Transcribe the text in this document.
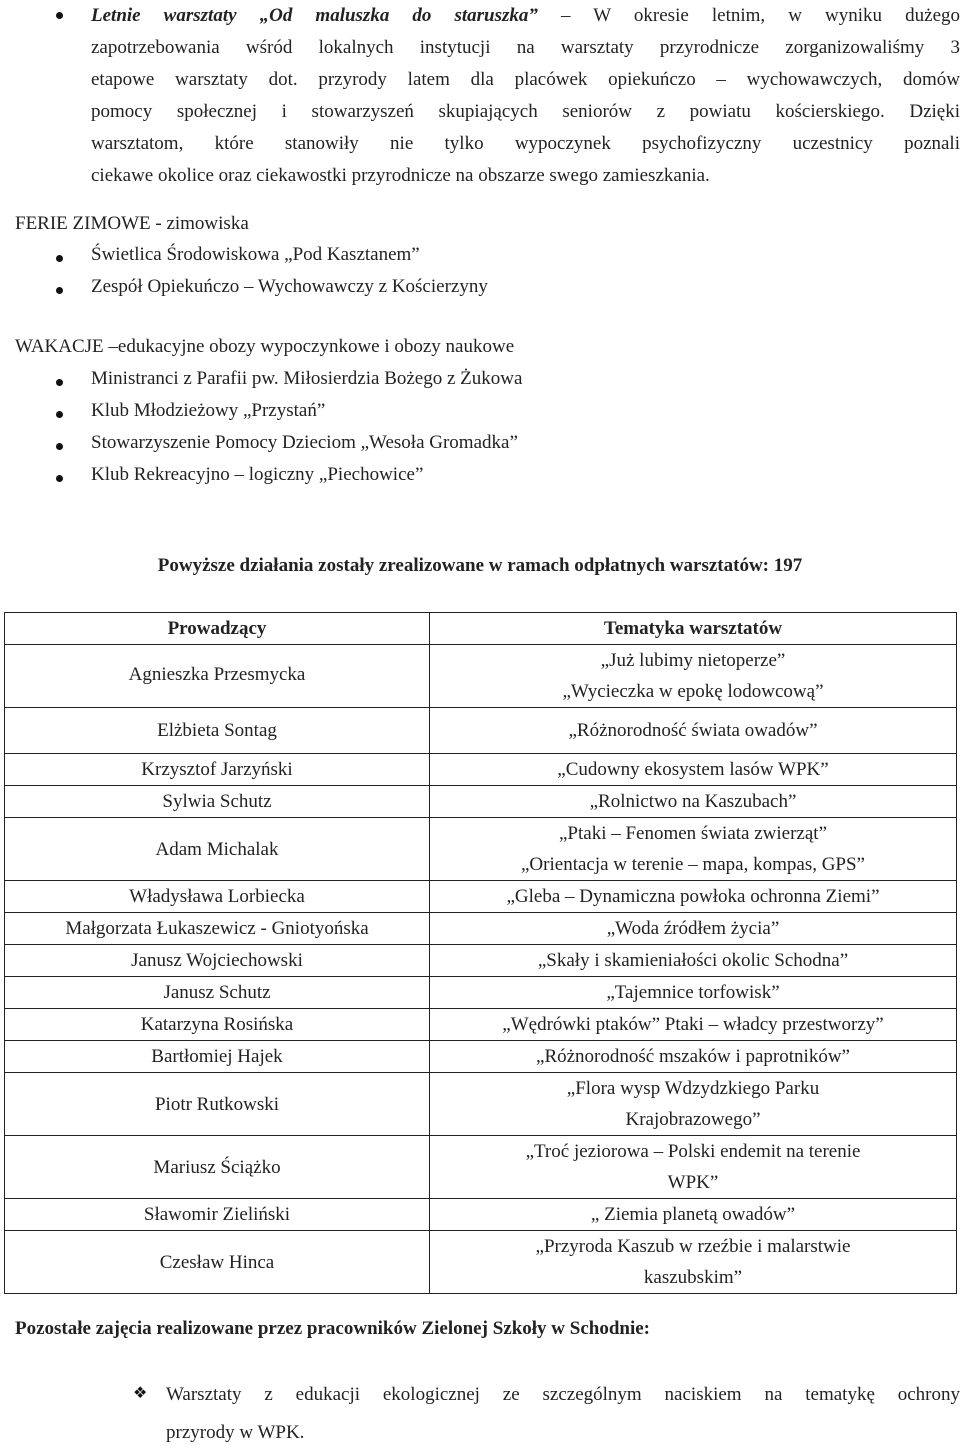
Letnie warsztaty „Od maluszka do staruszka” – W okresie letnim, w wyniku dużego
zapotrzebowania wśród lokalnych instytucji na warsztaty przyrodnicze zorganizowaliśmy 3
etapowe warsztaty dot. przyrody latem dla placówek opiekuńczo – wychowawczych, domów
pomocy społecznej i stowarzyszeń skupiających seniorów z powiatu kościerskiego. Dzięki
warsztatom, które stanowiły nie tylko wypoczynek psychofizyczny uczestnicy poznali
ciekawe okolice oraz ciekawostki przyrodnicze na obszarze swego zamieszkania.
FERIE ZIMOWE - zimowiska
Świetlica Środowiskowa „Pod Kasztanem”
Zespół Opiekuńczo – Wychowawczy z Kościerzyny
WAKACJE –edukacyjne obozy wypoczynkowe i obozy naukowe
Ministranci z Parafii pw. Miłosierdzia Bożego z Żukowa
Klub Młodzieżowy „Przystań”
Stowarzyszenie Pomocy Dzieciom „Wesoła Gromadka”
Klub Rekreacyjno – logiczny „Piechowice”
Powyższe działania zostały zrealizowane w ramach odpłatnych warsztatów: 197
Prowadzący	Tematyka warsztatów
Agnieszka Przesmycka	„Już lubimy nietoperze”
„Wycieczka w epokę lodowcową”

Elżbieta Sontag	„Różnorodność świata owadów”
Krzysztof Jarzyński	„Cudowny ekosystem lasów WPK”
Sylwia Schutz	„Rolnictwo na Kaszubach”
Adam Michalak	„Ptaki – Fenomen świata zwierząt”
„Orientacja w terenie – mapa, kompas, GPS”

Władysława Lorbiecka	„Gleba – Dynamiczna powłoka ochronna Ziemi”
Małgorzata Łukaszewicz - Gniotyońska	„Woda źródłem życia”
Janusz Wojciechowski	„Skały i skamieniałości okolic Schodna”
Janusz Schutz	„Tajemnice torfowisk”
Katarzyna Rosińska	„Wędrówki ptaków” Ptaki – władcy przestworzy”
Bartłomiej Hajek	„Różnorodność mszaków i paprotników”
Piotr Rutkowski	„Flora wysp Wdzydzkiego Parku
Krajobrazowego”

Mariusz Ściążko	„Troć jeziorowa – Polski endemit na terenie
WPK”

Sławomir Zieliński	„ Ziemia planetą owadów”
Czesław Hinca	„Przyroda Kaszub w rzeźbie i malarstwie
kaszubskim”
Pozostałe zajęcia realizowane przez pracowników Zielonej Szkoły w Schodnie:
❖ Warsztaty z edukacji ekologicznej ze szczególnym naciskiem na tematykę ochrony
przyrody w WPK.
